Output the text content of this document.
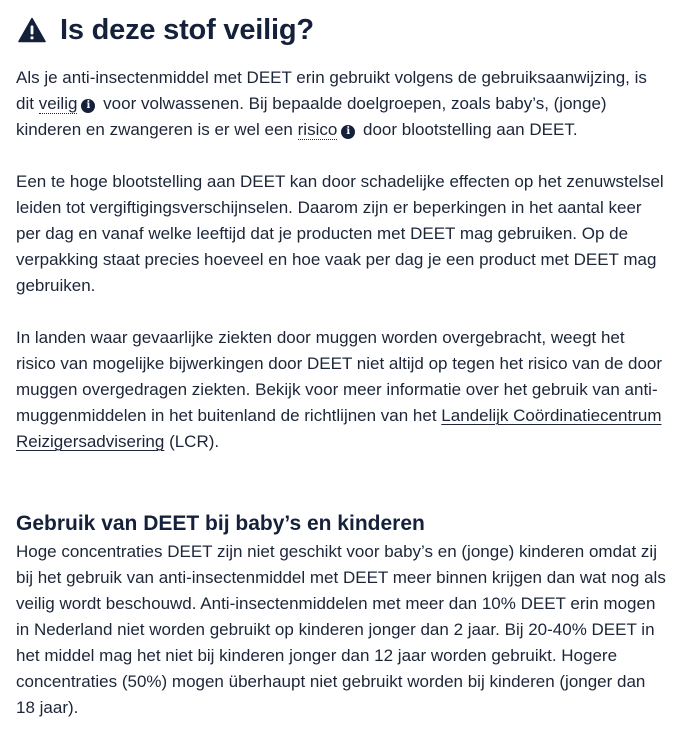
Is deze stof veilig?

Als je anti-insectenmiddel met DEET erin gebruikt volgens de gebruiksaanwijzing, is dit veilig i voor volwassenen. Bij bepaalde doelgroepen, zoals baby’s, (jonge) kinderen en zwangeren is er wel een risico i door blootstelling aan DEET.

Een te hoge blootstelling aan DEET kan door schadelijke effecten op het zenuwstelsel leiden tot vergiftigingsverschijnselen. Daarom zijn er beperkingen in het aantal keer per dag en vanaf welke leeftijd dat je producten met DEET mag gebruiken. Op de verpakking staat precies hoeveel en hoe vaak per dag je een product met DEET mag gebruiken.

In landen waar gevaarlijke ziekten door muggen worden overgebracht, weegt het risico van mogelijke bijwerkingen door DEET niet altijd op tegen het risico van de door muggen overgedragen ziekten. Bekijk voor meer informatie over het gebruik van anti-muggenmiddelen in het buitenland de richtlijnen van het Landelijk Coördinatiecentrum Reizigersadvisering (LCR).

Gebruik van DEET bij baby’s en kinderen

Hoge concentraties DEET zijn niet geschikt voor baby’s en (jonge) kinderen omdat zij bij het gebruik van anti-insectenmiddel met DEET meer binnen krijgen dan wat nog als veilig wordt beschouwd. Anti-insectenmiddelen met meer dan 10% DEET erin mogen in Nederland niet worden gebruikt op kinderen jonger dan 2 jaar. Bij 20-40% DEET in het middel mag het niet bij kinderen jonger dan 12 jaar worden gebruikt. Hogere concentraties (50%) mogen überhaupt niet gebruikt worden bij kinderen (jonger dan 18 jaar).
